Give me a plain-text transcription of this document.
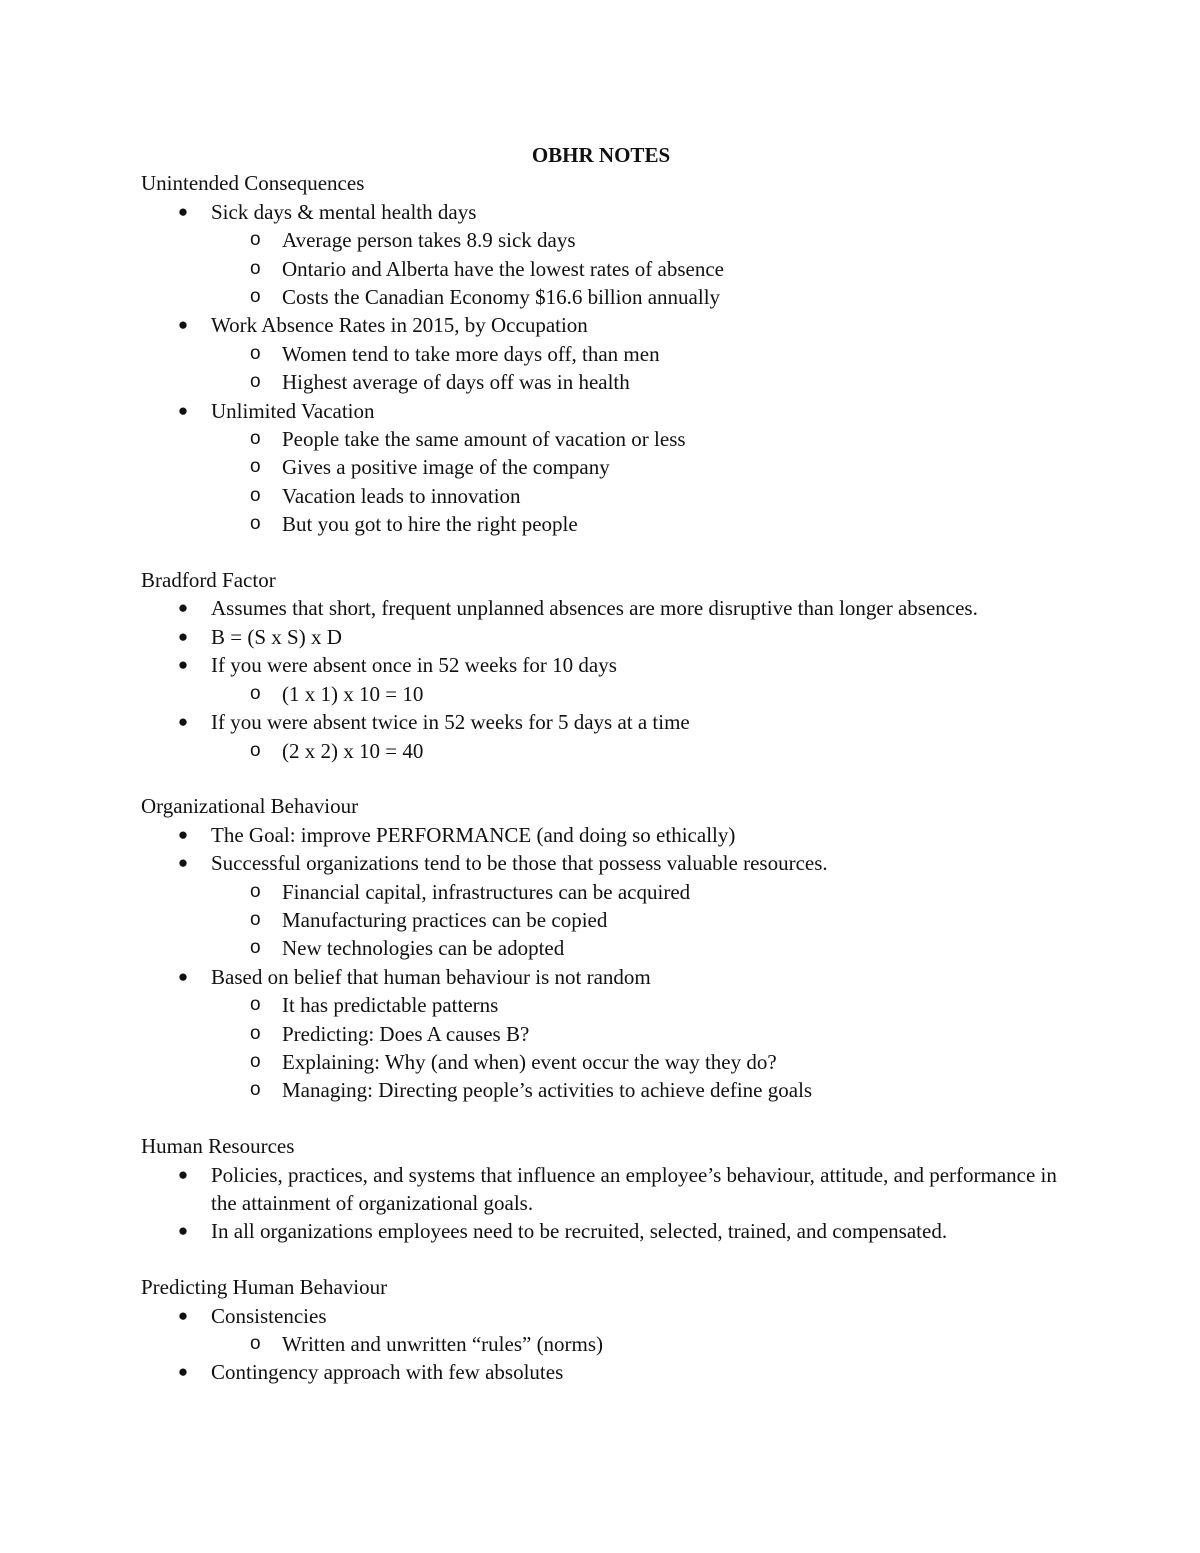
OBHR NOTES
Unintended Consequences
● Sick days & mental health days
o Average person takes 8.9 sick days
o Ontario and Alberta have the lowest rates of absence
o Costs the Canadian Economy $16.6 billion annually
● Work Absence Rates in 2015, by Occupation
o Women tend to take more days off, than men
o Highest average of days off was in health
● Unlimited Vacation
o People take the same amount of vacation or less
o Gives a positive image of the company
o Vacation leads to innovation
o But you got to hire the right people
Bradford Factor
● Assumes that short, frequent unplanned absences are more disruptive than longer absences.
● B = (S x S) x D
● If you were absent once in 52 weeks for 10 days
o (1 x 1) x 10 = 10
● If you were absent twice in 52 weeks for 5 days at a time
o (2 x 2) x 10 = 40
Organizational Behaviour
● The Goal: improve PERFORMANCE (and doing so ethically)
● Successful organizations tend to be those that possess valuable resources.
o Financial capital, infrastructures can be acquired
o Manufacturing practices can be copied
o New technologies can be adopted
● Based on belief that human behaviour is not random
o It has predictable patterns
o Predicting: Does A causes B?
o Explaining: Why (and when) event occur the way they do?
o Managing: Directing people’s activities to achieve define goals
Human Resources
● Policies, practices, and systems that influence an employee’s behaviour, attitude, and performance in the attainment of organizational goals.
● In all organizations employees need to be recruited, selected, trained, and compensated.
Predicting Human Behaviour
● Consistencies
o Written and unwritten “rules” (norms)
● Contingency approach with few absolutes
